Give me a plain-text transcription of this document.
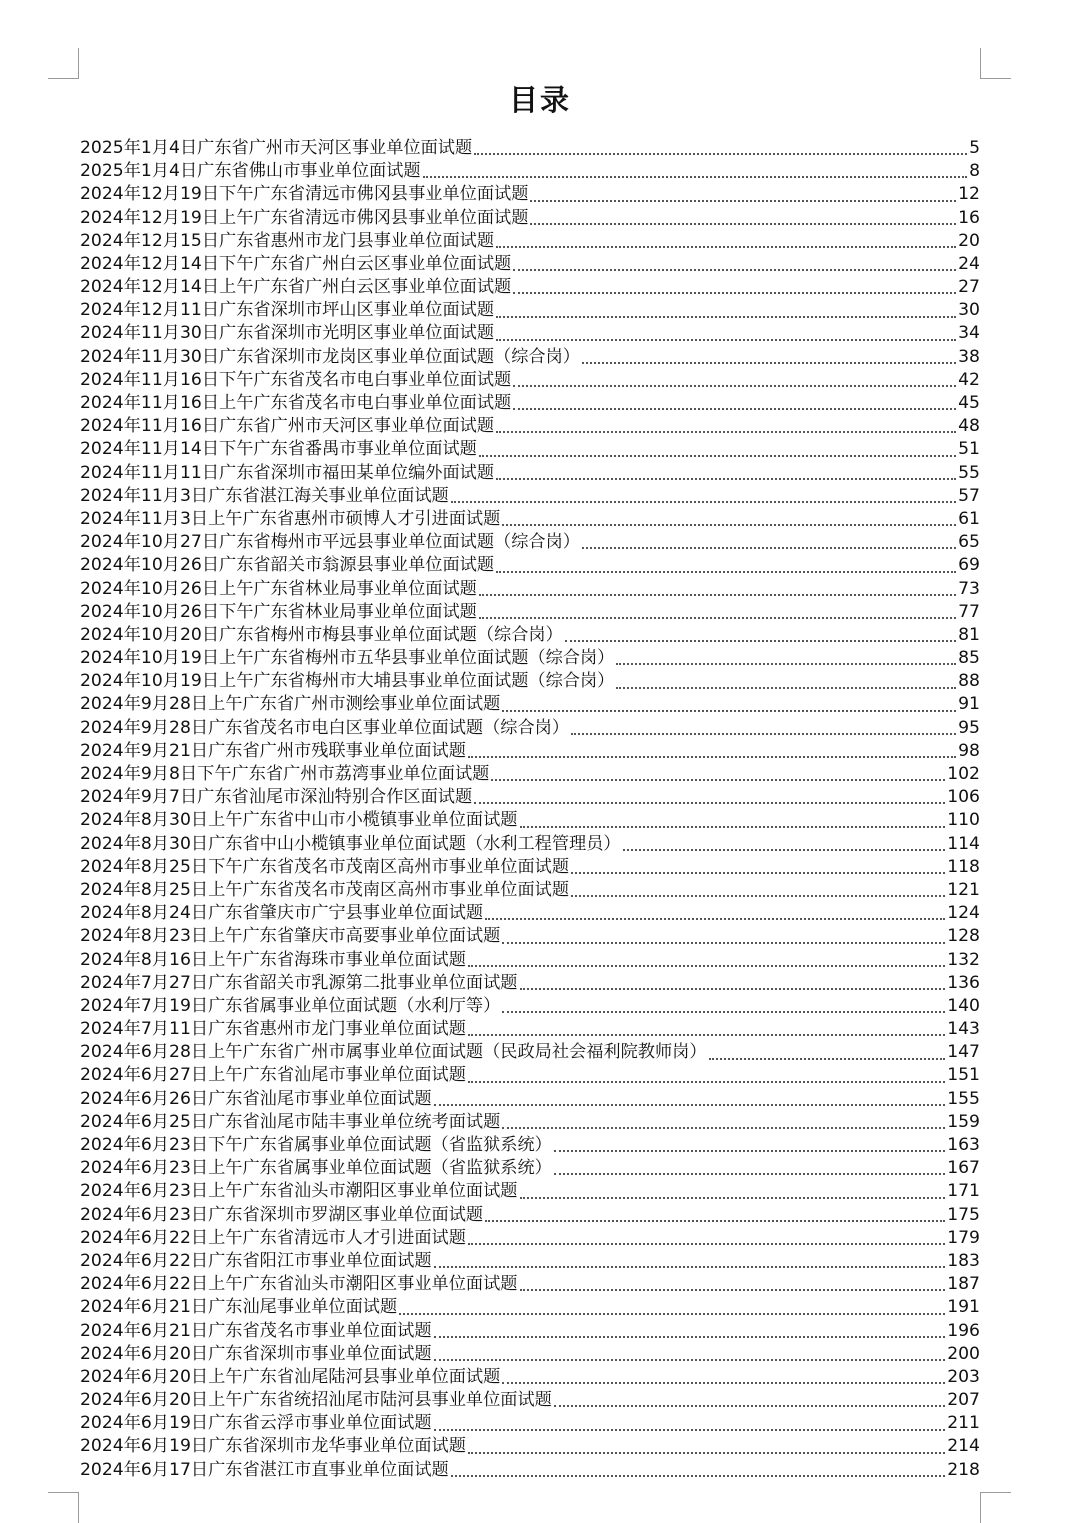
目录
2025年1月4日广东省广州市天河区事业单位面试题	5
2025年1月4日广东省佛山市事业单位面试题	8
2024年12月19日下午广东省清远市佛冈县事业单位面试题	12
2024年12月19日上午广东省清远市佛冈县事业单位面试题	16
2024年12月15日广东省惠州市龙门县事业单位面试题	20
2024年12月14日下午广东省广州白云区事业单位面试题	24
2024年12月14日上午广东省广州白云区事业单位面试题	27
2024年12月11日广东省深圳市坪山区事业单位面试题	30
2024年11月30日广东省深圳市光明区事业单位面试题	34
2024年11月30日广东省深圳市龙岗区事业单位面试题（综合岗）	38
2024年11月16日下午广东省茂名市电白事业单位面试题	42
2024年11月16日上午广东省茂名市电白事业单位面试题	45
2024年11月16日广东省广州市天河区事业单位面试题	48
2024年11月14日下午广东省番禺市事业单位面试题	51
2024年11月11日广东省深圳市福田某单位编外面试题	55
2024年11月3日广东省湛江海关事业单位面试题	57
2024年11月3日上午广东省惠州市硕博人才引进面试题	61
2024年10月27日广东省梅州市平远县事业单位面试题（综合岗）	65
2024年10月26日广东省韶关市翁源县事业单位面试题	69
2024年10月26日上午广东省林业局事业单位面试题	73
2024年10月26日下午广东省林业局事业单位面试题	77
2024年10月20日广东省梅州市梅县事业单位面试题（综合岗）	81
2024年10月19日上午广东省梅州市五华县事业单位面试题（综合岗）	85
2024年10月19日上午广东省梅州市大埔县事业单位面试题（综合岗）	88
2024年9月28日上午广东省广州市测绘事业单位面试题	91
2024年9月28日广东省茂名市电白区事业单位面试题（综合岗）	95
2024年9月21日广东省广州市残联事业单位面试题	98
2024年9月8日下午广东省广州市荔湾事业单位面试题	102
2024年9月7日广东省汕尾市深汕特别合作区面试题	106
2024年8月30日上午广东省中山市小榄镇事业单位面试题	110
2024年8月30日广东省中山小榄镇事业单位面试题（水利工程管理员）	114
2024年8月25日下午广东省茂名市茂南区高州市事业单位面试题	118
2024年8月25日上午广东省茂名市茂南区高州市事业单位面试题	121
2024年8月24日广东省肇庆市广宁县事业单位面试题	124
2024年8月23日上午广东省肇庆市高要事业单位面试题	128
2024年8月16日上午广东省海珠市事业单位面试题	132
2024年7月27日广东省韶关市乳源第二批事业单位面试题	136
2024年7月19日广东省属事业单位面试题（水利厅等）	140
2024年7月11日广东省惠州市龙门事业单位面试题	143
2024年6月28日上午广东省广州市属事业单位面试题（民政局社会福利院教师岗）	147
2024年6月27日上午广东省汕尾市事业单位面试题	151
2024年6月26日广东省汕尾市事业单位面试题	155
2024年6月25日广东省汕尾市陆丰事业单位统考面试题	159
2024年6月23日下午广东省属事业单位面试题（省监狱系统）	163
2024年6月23日上午广东省属事业单位面试题（省监狱系统）	167
2024年6月23日上午广东省汕头市潮阳区事业单位面试题	171
2024年6月23日广东省深圳市罗湖区事业单位面试题	175
2024年6月22日上午广东省清远市人才引进面试题	179
2024年6月22日广东省阳江市事业单位面试题	183
2024年6月22日上午广东省汕头市潮阳区事业单位面试题	187
2024年6月21日广东汕尾事业单位面试题	191
2024年6月21日广东省茂名市事业单位面试题	196
2024年6月20日广东省深圳市事业单位面试题	200
2024年6月20日上午广东省汕尾陆河县事业单位面试题	203
2024年6月20日上午广东省统招汕尾市陆河县事业单位面试题	207
2024年6月19日广东省云浮市事业单位面试题	211
2024年6月19日广东省深圳市龙华事业单位面试题	214
2024年6月17日广东省湛江市直事业单位面试题	218
